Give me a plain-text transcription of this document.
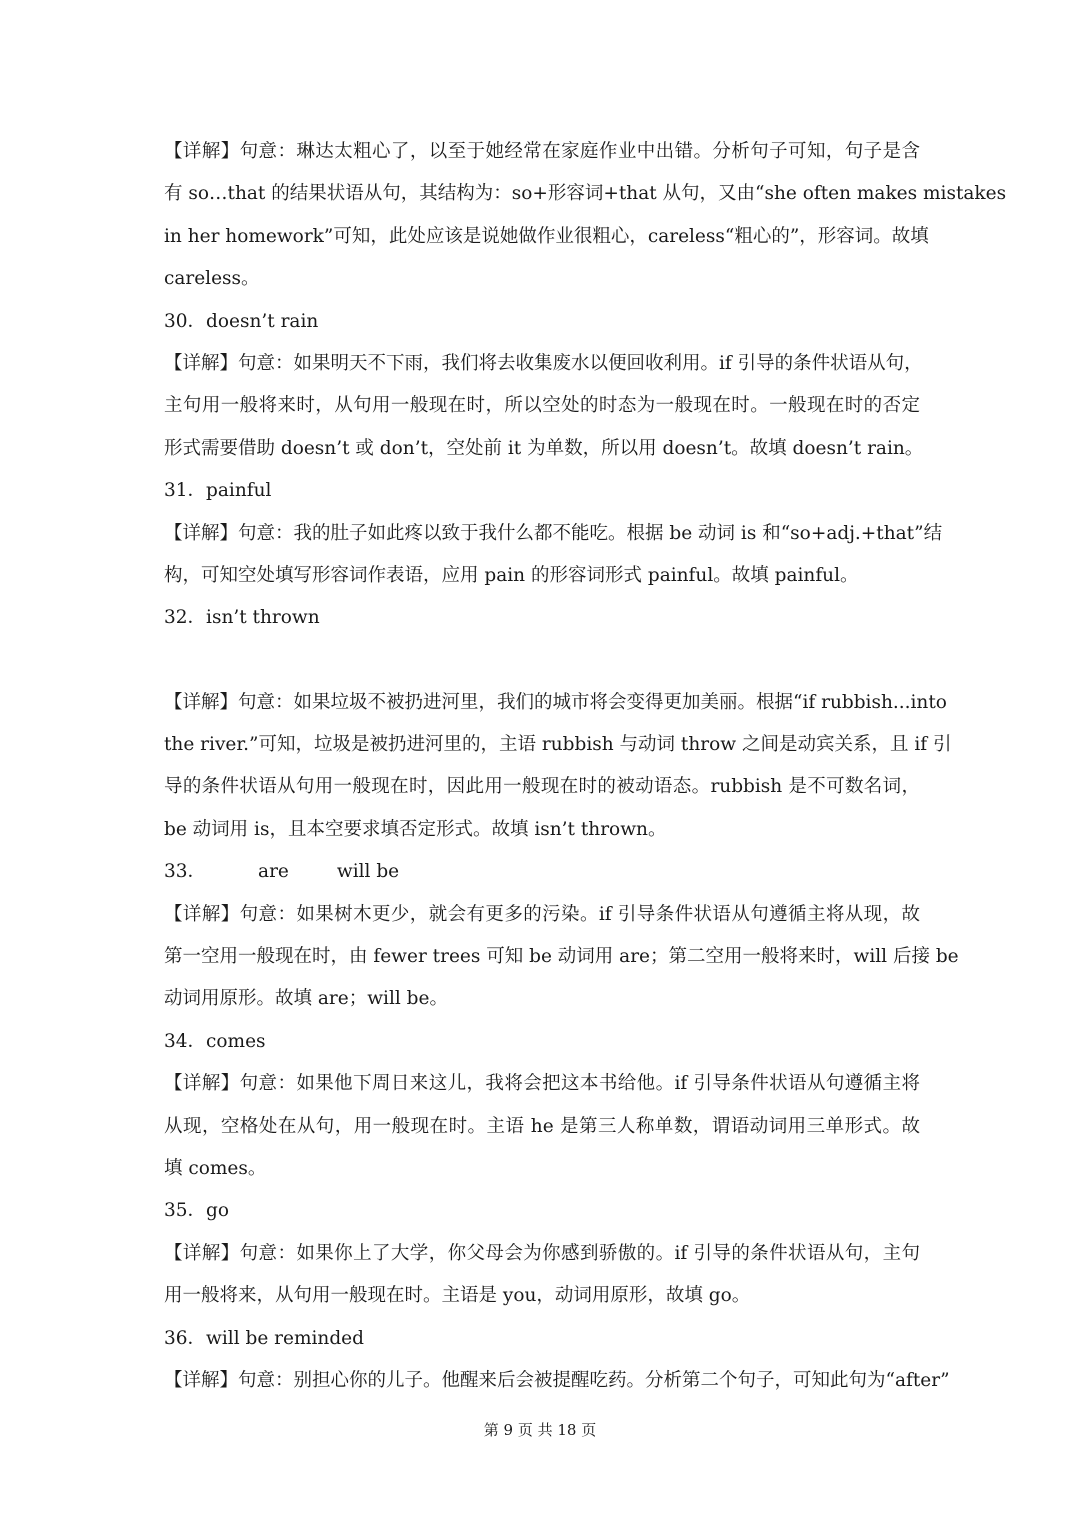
【详解】句意：琳达太粗心了，以至于她经常在家庭作业中出错。分析句子可知，句子是含
有 so…that 的结果状语从句，其结构为：so+形容词+that 从句，又由“she often makes mistakes
in her homework”可知，此处应该是说她做作业很粗心，careless“粗心的”，形容词。故填
careless。
30．doesn’t rain
【详解】句意：如果明天不下雨，我们将去收集废水以便回收利用。if 引导的条件状语从句，
主句用一般将来时，从句用一般现在时，所以空处的时态为一般现在时。一般现在时的否定
形式需要借助 doesn’t 或 don’t，空处前 it 为单数，所以用 doesn’t。故填 doesn’t rain。
31．painful
【详解】句意：我的肚子如此疼以致于我什么都不能吃。根据 be 动词 is 和“so+adj.+that”结
构，可知空处填写形容词作表语，应用 pain 的形容词形式 painful。故填 painful。
32．isn’t thrown
【详解】句意：如果垃圾不被扔进河里，我们的城市将会变得更加美丽。根据“if rubbish...into
the river.”可知，垃圾是被扔进河里的，主语 rubbish 与动词 throw 之间是动宾关系，且 if 引
导的条件状语从句用一般现在时，因此用一般现在时的被动语态。rubbish 是不可数名词，
be 动词用 is，且本空要求填否定形式。故填 isn’t thrown。
33．	are	will be
【详解】句意：如果树木更少，就会有更多的污染。if 引导条件状语从句遵循主将从现，故
第一空用一般现在时，由 fewer trees 可知 be 动词用 are；第二空用一般将来时，will 后接 be
动词用原形。故填 are；will be。
34．comes
【详解】句意：如果他下周日来这儿，我将会把这本书给他。if 引导条件状语从句遵循主将
从现，空格处在从句，用一般现在时。主语 he 是第三人称单数，谓语动词用三单形式。故
填 comes。
35．go
【详解】句意：如果你上了大学，你父母会为你感到骄傲的。if 引导的条件状语从句，主句
用一般将来，从句用一般现在时。主语是 you，动词用原形，故填 go。
36．will be reminded
【详解】句意：别担心你的儿子。他醒来后会被提醒吃药。分析第二个句子，可知此句为“after”
第 9 页 共 18 页
